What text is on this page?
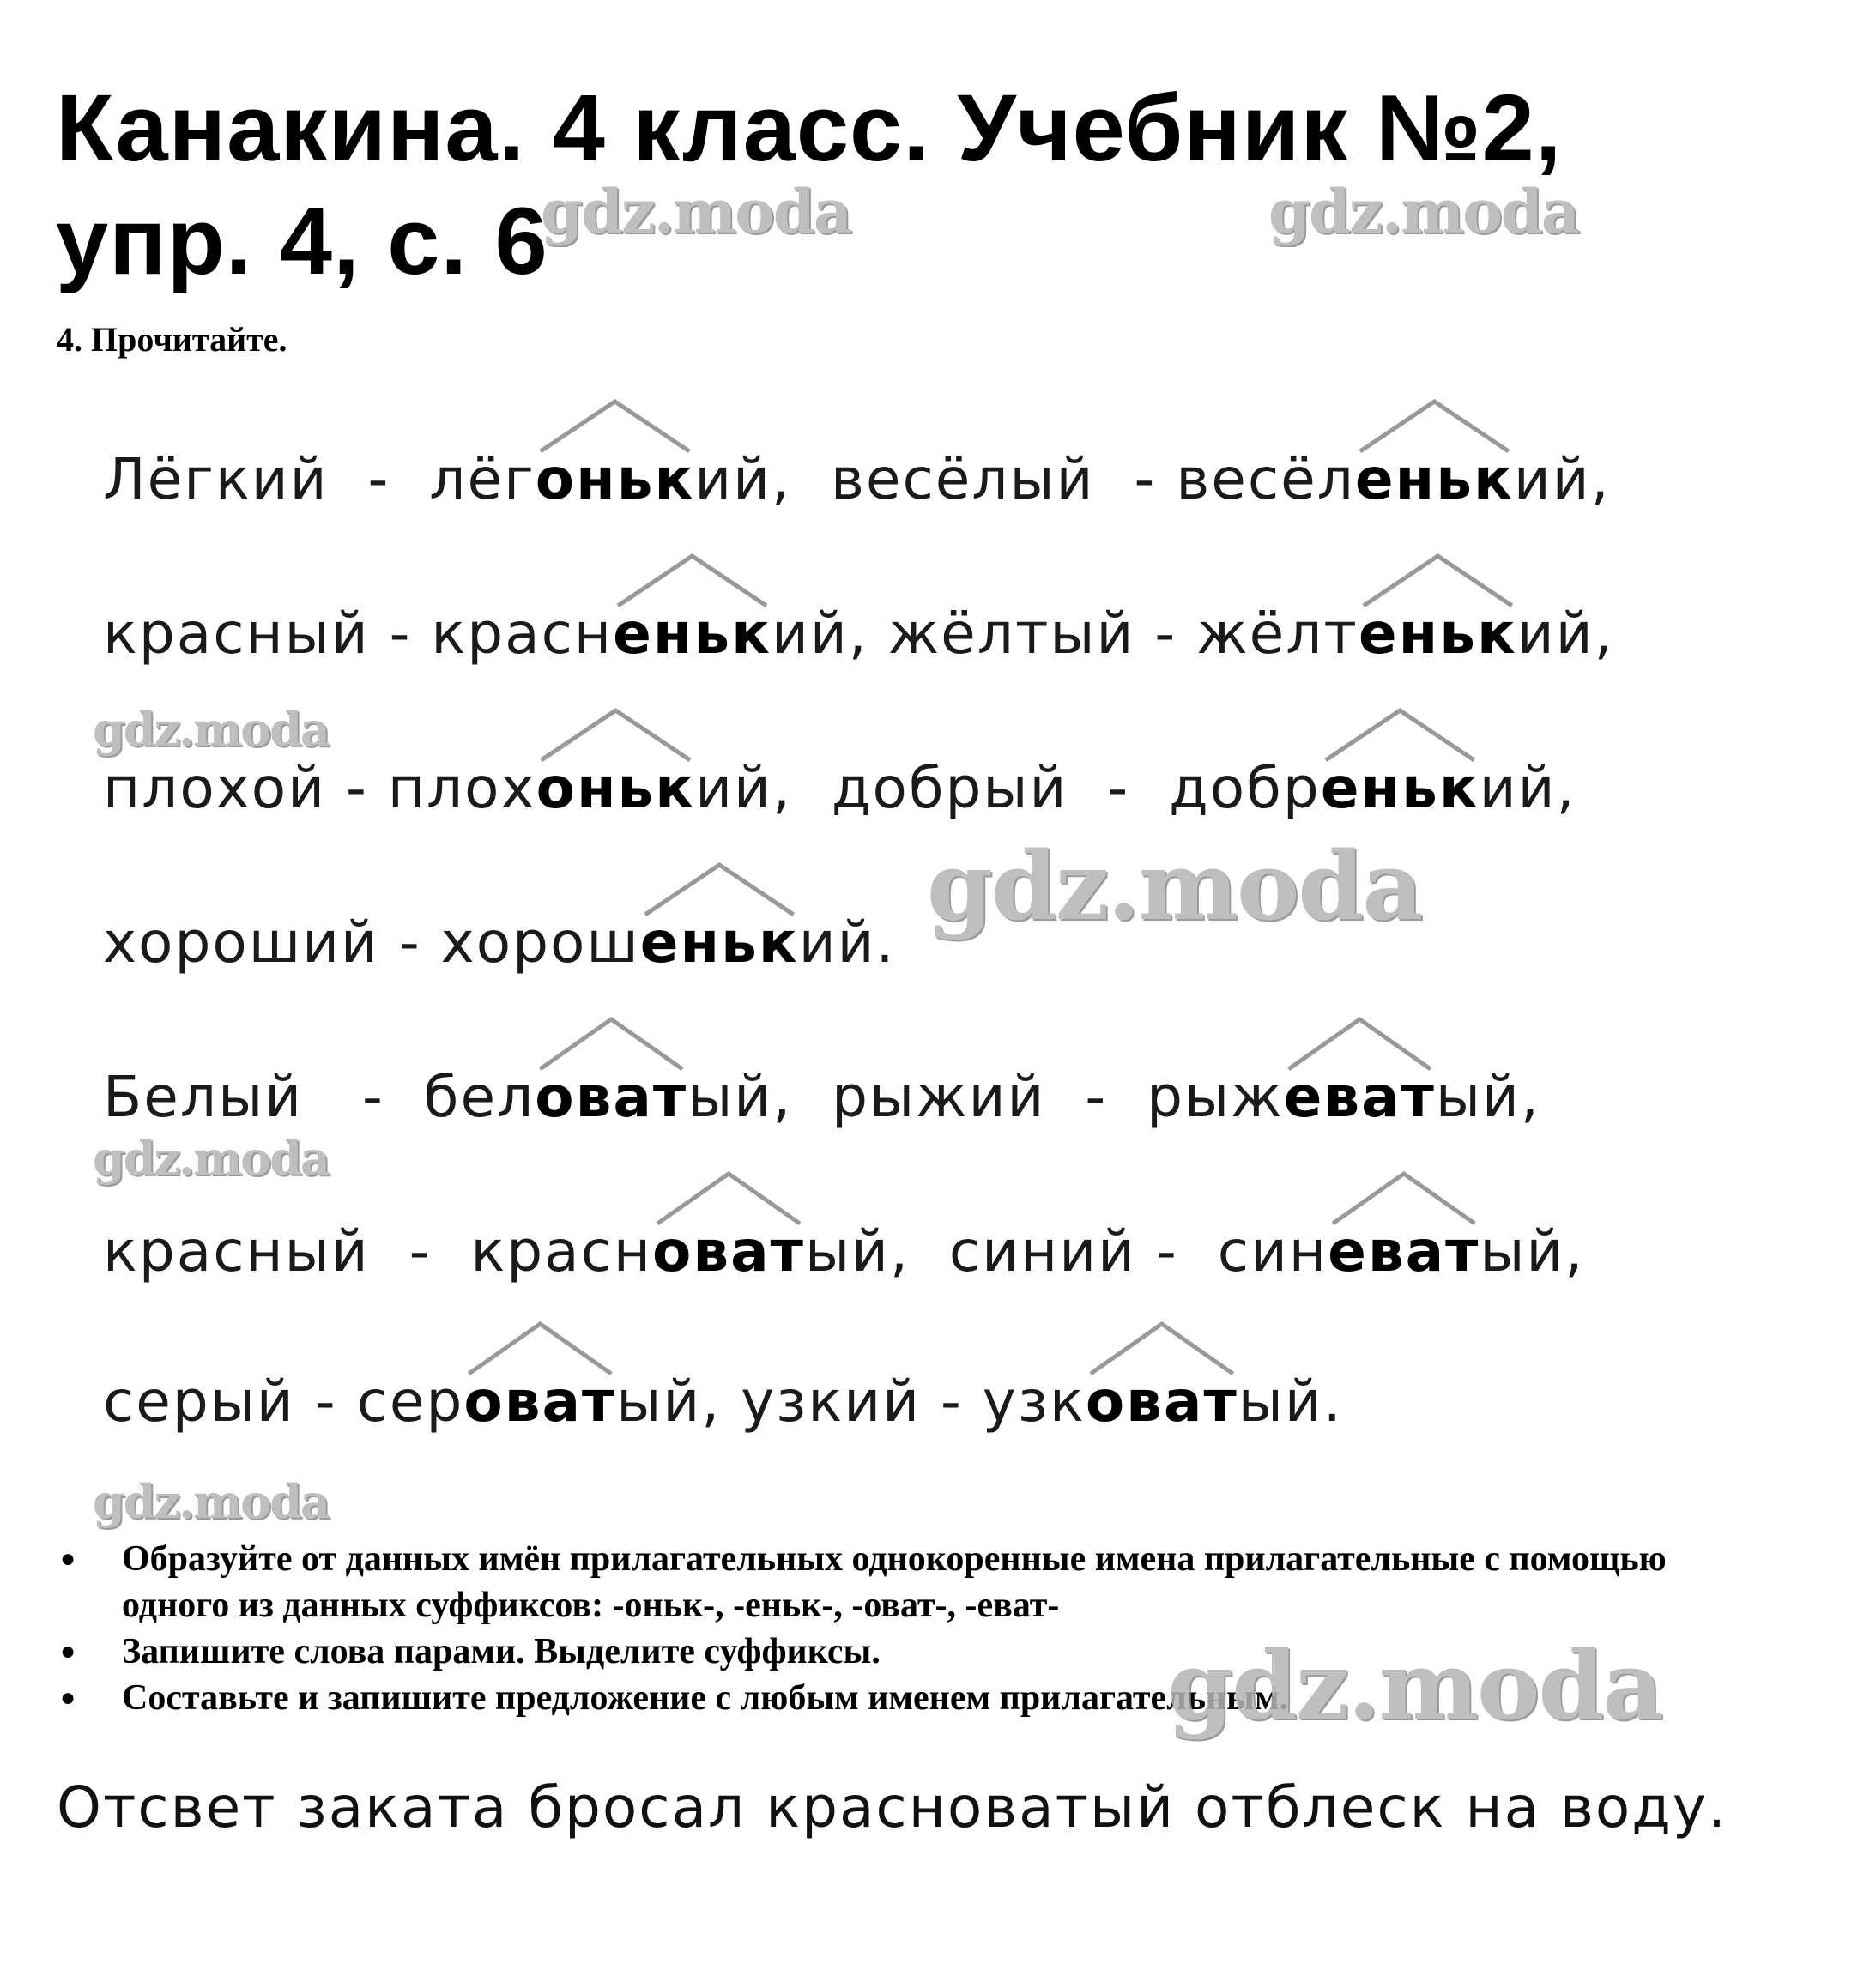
Канакина. 4 класс. Учебник №2,
упр. 4, с. 6
4. Прочитайте.
Лёгкий  -  лёгонький,  весёлый  - весёленький,
красный - красненький, жёлтый - жёлтенький,
плохой - плохонький,  добрый  -  добренький,
хороший - хорошенький.
Белый   -  беловатый,  рыжий  -  рыжеватый,
красный  -  красноватый,  синий -  синеватый,
серый - сероватый, узкий - узковатый.
● Образуйте от данных имён прилагательных однокоренные имена прилагательные с помощью одного из данных суффиксов: -оньк-, -еньк-, -оват-, -еват-
● Запишите слова парами. Выделите суффиксы.
● Составьте и запишите предложение с любым именем прилагательным.
Отсвет заката бросал красноватый отблеск на воду.
gdz.moda	gdz.moda
gdz.moda
gdz.moda
gdz.moda
gdz.moda
gdz.moda
